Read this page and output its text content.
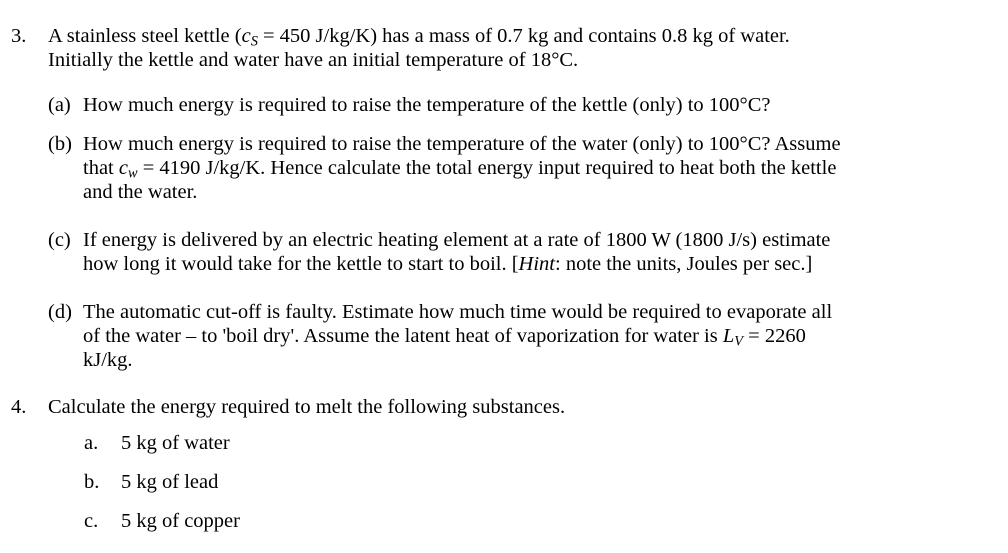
3. A stainless steel kettle ($c_S = 450$ J/kg/K) has a mass of 0.7 kg and contains 0.8 kg of water.
Initially the kettle and water have an initial temperature of 18°C.
(a) How much energy is required to raise the temperature of the kettle (only) to 100°C?
(b) How much energy is required to raise the temperature of the water (only) to 100°C? Assume
that $c_w = 4190$ J/kg/K. Hence calculate the total energy input required to heat both the kettle
and the water.
(c) If energy is delivered by an electric heating element at a rate of 1800 W (1800 J/s) estimate
how long it would take for the kettle to start to boil. [Hint: note the units, Joules per sec.]
(d) The automatic cut-off is faulty. Estimate how much time would be required to evaporate all
of the water – to 'boil dry'. Assume the latent heat of vaporization for water is $L_V = 2260$
kJ/kg.
4. Calculate the energy required to melt the following substances.
a. 5 kg of water
b. 5 kg of lead
c. 5 kg of copper
